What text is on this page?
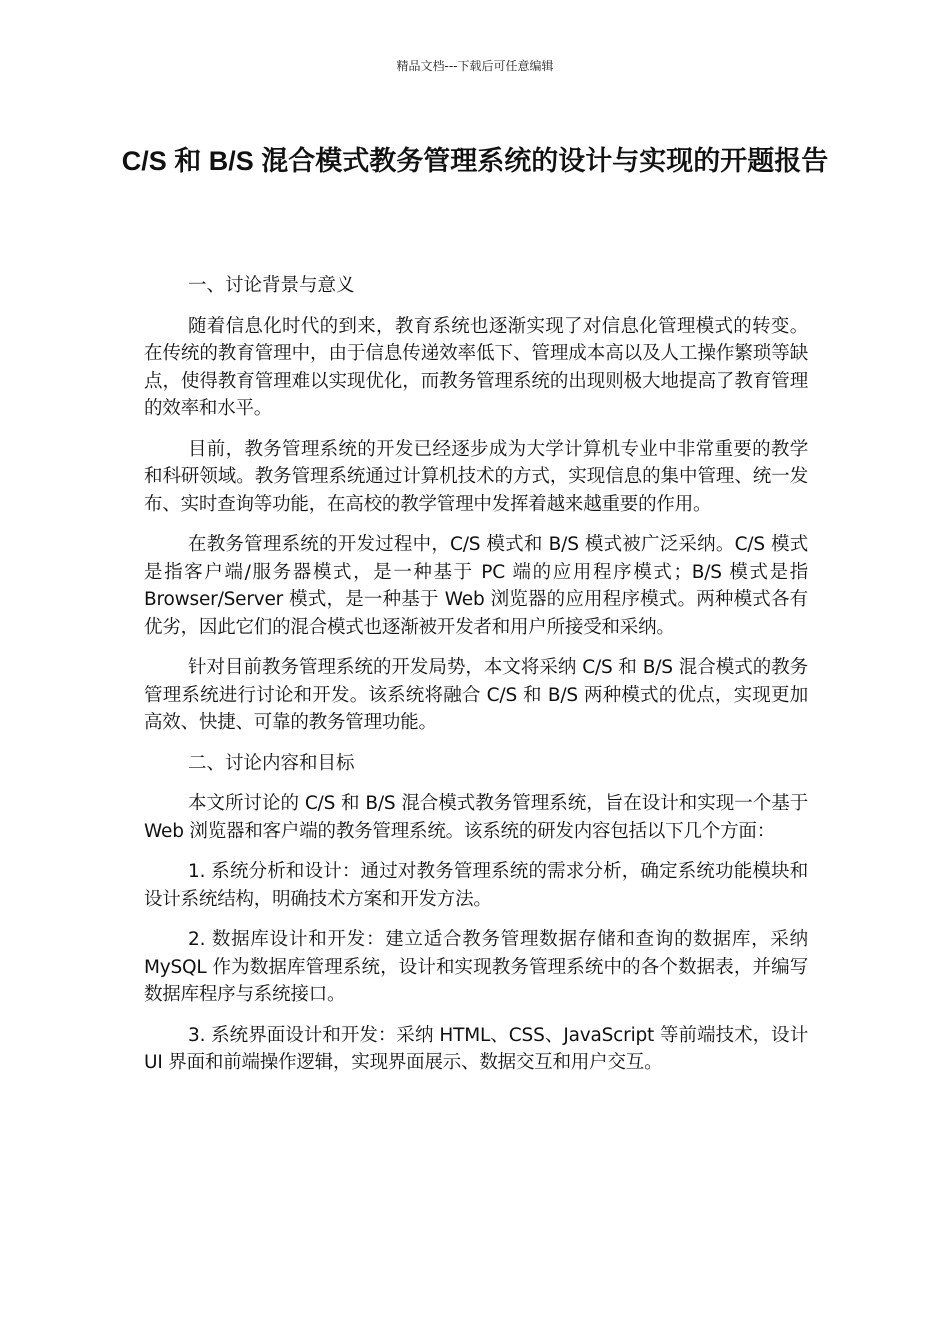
精品文档---下载后可任意编辑
C/S 和 B/S 混合模式教务管理系统的设计与实现的开题报告

一、讨论背景与意义

随着信息化时代的到来，教育系统也逐渐实现了对信息化管理模式的转变。在传统的教育管理中，由于信息传递效率低下、管理成本高以及人工操作繁琐等缺点，使得教育管理难以实现优化，而教务管理系统的出现则极大地提高了教育管理的效率和水平。

目前，教务管理系统的开发已经逐步成为大学计算机专业中非常重要的教学和科研领域。教务管理系统通过计算机技术的方式，实现信息的集中管理、统一发布、实时查询等功能，在高校的教学管理中发挥着越来越重要的作用。

在教务管理系统的开发过程中，C/S 模式和 B/S 模式被广泛采纳。C/S 模式是指客户端/服务器模式，是一种基于 PC 端的应用程序模式；B/S 模式是指 Browser/Server 模式，是一种基于 Web 浏览器的应用程序模式。两种模式各有优劣，因此它们的混合模式也逐渐被开发者和用户所接受和采纳。

针对目前教务管理系统的开发局势，本文将采纳 C/S 和 B/S 混合模式的教务管理系统进行讨论和开发。该系统将融合 C/S 和 B/S 两种模式的优点，实现更加高效、快捷、可靠的教务管理功能。

二、讨论内容和目标

本文所讨论的 C/S 和 B/S 混合模式教务管理系统，旨在设计和实现一个基于 Web 浏览器和客户端的教务管理系统。该系统的研发内容包括以下几个方面：

1. 系统分析和设计：通过对教务管理系统的需求分析，确定系统功能模块和设计系统结构，明确技术方案和开发方法。

2. 数据库设计和开发：建立适合教务管理数据存储和查询的数据库，采纳 MySQL 作为数据库管理系统，设计和实现教务管理系统中的各个数据表，并编写数据库程序与系统接口。

3. 系统界面设计和开发：采纳 HTML、CSS、JavaScript 等前端技术，设计 UI 界面和前端操作逻辑，实现界面展示、数据交互和用户交互。
